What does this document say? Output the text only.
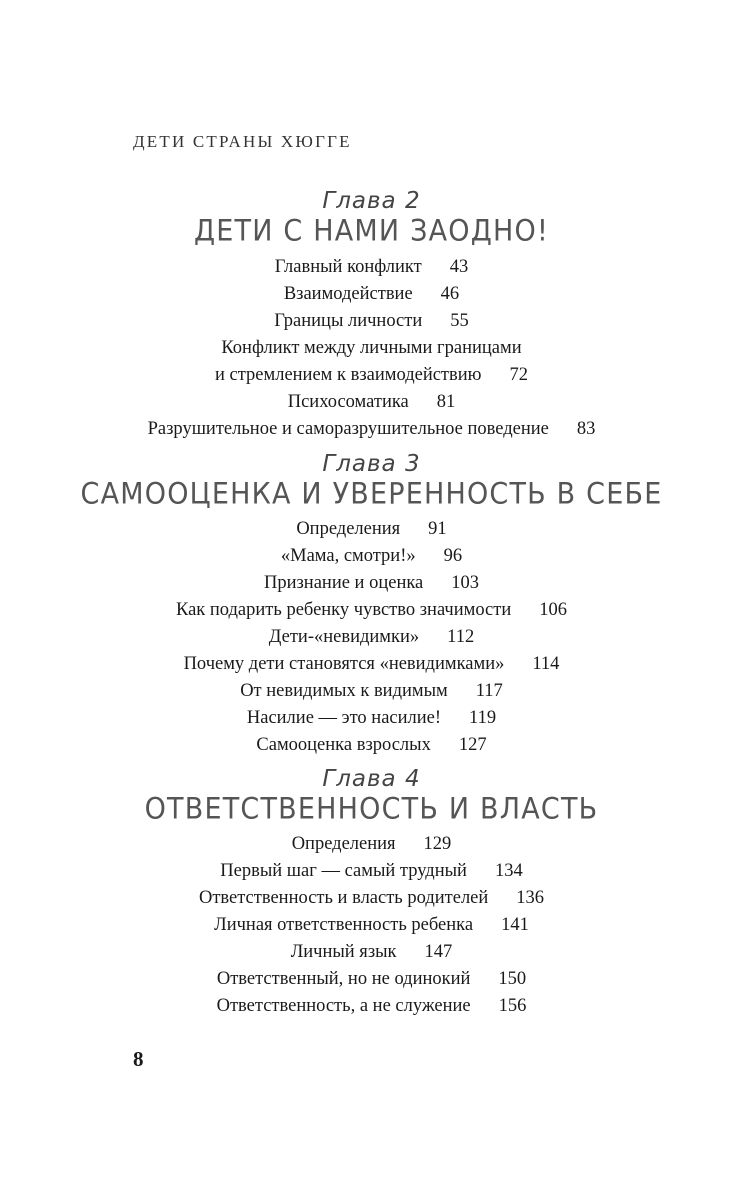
ДЕТИ СТРАНЫ ХЮГГЕ
Глава 2
ДЕТИ С НАМИ ЗАОДНО!
Главный конфликт 43
Взаимодействие 46
Границы личности 55
Конфликт между личными границами
и стремлением к взаимодействию 72
Психосоматика 81
Разрушительное и саморазрушительное поведение 83
Глава 3
САМООЦЕНКА И УВЕРЕННОСТЬ В СЕБЕ
Определения 91
«Мама, смотри!» 96
Признание и оценка 103
Как подарить ребенку чувство значимости 106
Дети-«невидимки» 112
Почему дети становятся «невидимками» 114
От невидимых к видимым 117
Насилие — это насилие! 119
Самооценка взрослых 127
Глава 4
ОТВЕТСТВЕННОСТЬ И ВЛАСТЬ
Определения 129
Первый шаг — самый трудный 134
Ответственность и власть родителей 136
Личная ответственность ребенка 141
Личный язык 147
Ответственный, но не одинокий 150
Ответственность, а не служение 156
8
